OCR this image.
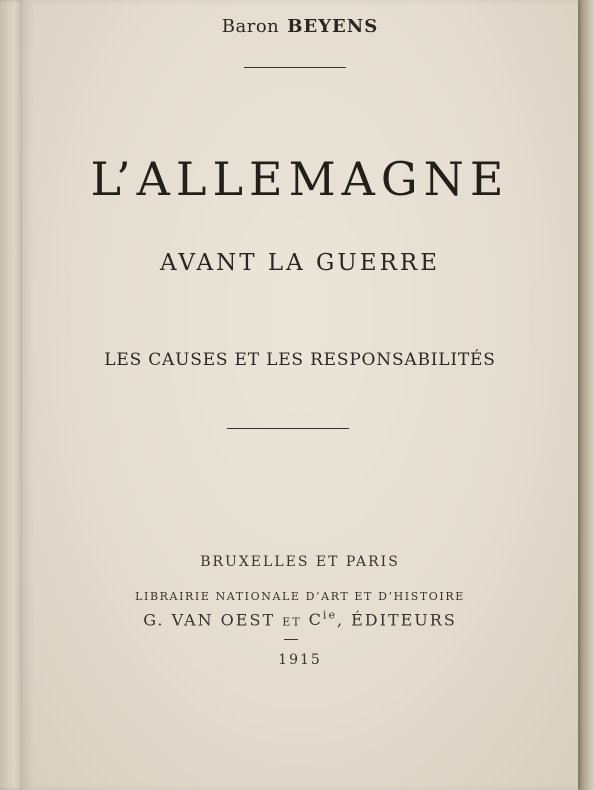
Baron BEYENS
L’ALLEMAGNE
AVANT LA GUERRE
LES CAUSES ET LES RESPONSABILITÉS
BRUXELLES ET PARIS
LIBRAIRIE NATIONALE D’ART ET D’HISTOIRE
G. VAN OEST ET $C^{ie}$, ÉDITEURS
1915
